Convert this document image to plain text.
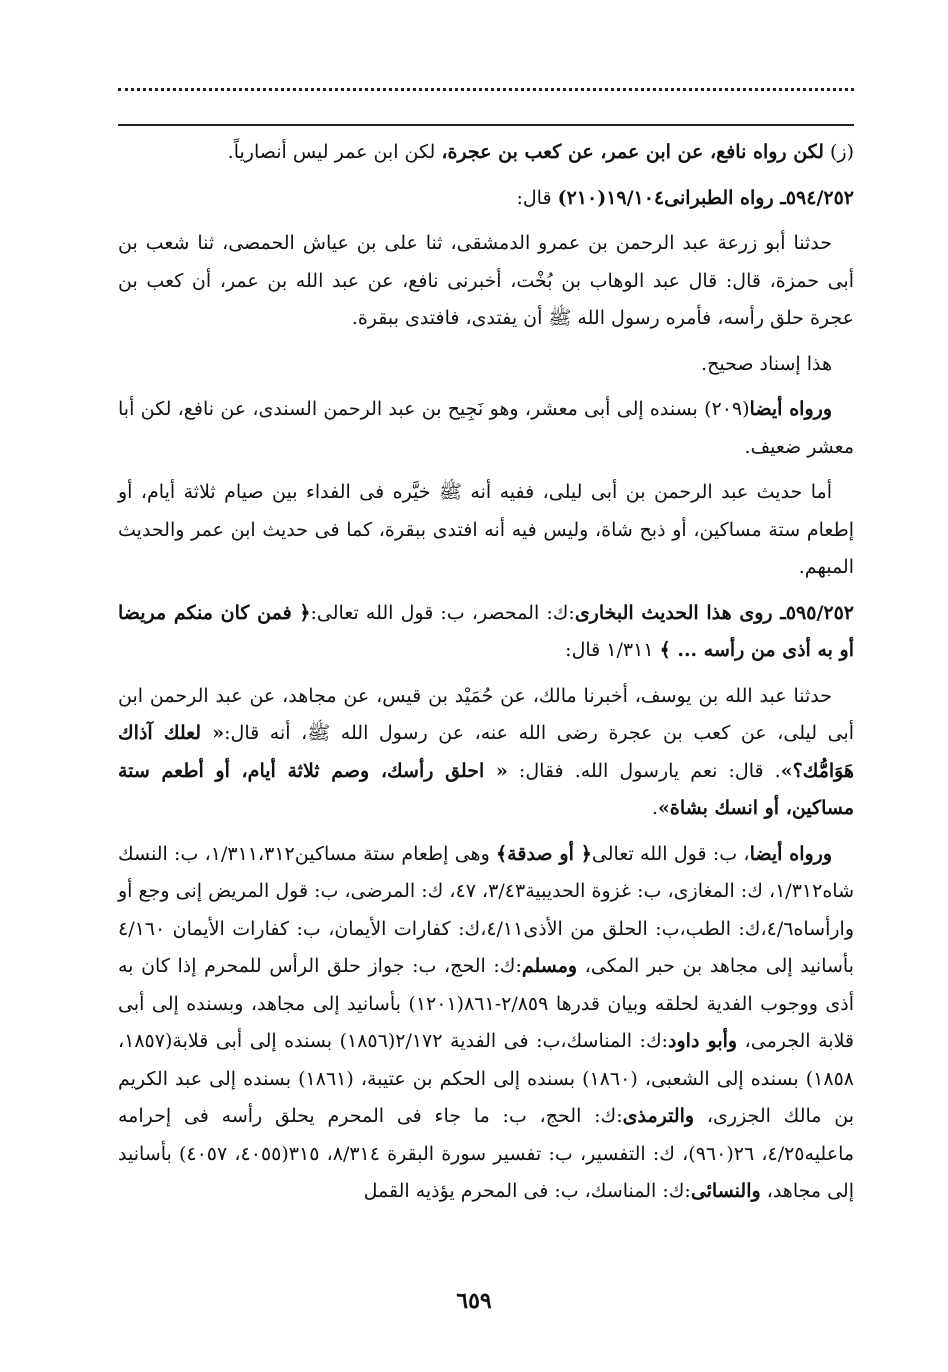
(ز) لكن رواه نافع، عن ابن عمر، عن كعب بن عجرة، لكن ابن عمر ليس أنصارياً.

٥٩٤/٢٥٢ـ رواه الطبرانى١٩/١٠٤(٢١٠) قال:

حدثنا أبو زرعة عبد الرحمن بن عمرو الدمشقى، ثنا على بن عياش الحمصى، ثنا شعب بن أبى حمزة، قال: قال عبد الوهاب بن بُخْت، أخبرنى نافع، عن عبد الله بن عمر، أن كعب بن عجرة حلق رأسه، فأمره رسول الله ﷺ أن يفتدى، فافتدى ببقرة.

هذا إسناد صحيح.

ورواه أيضا(٢٠٩) بسنده إلى أبى معشر، وهو نَجِيح بن عبد الرحمن السندى، عن نافع، لكن أبا معشر ضعيف.

أما حديث عبد الرحمن بن أبى ليلى، ففيه أنه ﷺ خيَّره فى الفداء بين صيام ثلاثة أيام، أو إطعام ستة مساكين، أو ذبح شاة، وليس فيه أنه افتدى ببقرة، كما فى حديث ابن عمر والحديث المبهم.

٥٩٥/٢٥٢ـ روى هذا الحديث البخارى:ك: المحصر، ب: قول الله تعالى:﴿ فمن كان منكم مريضا أو به أذى من رأسه ... ﴾ ١/٣١١ قال:

حدثنا عبد الله بن يوسف، أخبرنا مالك، عن حُمَيْد بن قيس، عن مجاهد، عن عبد الرحمن ابن أبى ليلى، عن كعب بن عجرة رضى الله عنه، عن رسول الله ﷺ، أنه قال:« لعلك آذاك هَوَامُّك؟». قال: نعم يارسول الله. فقال: « احلق رأسك، وصم ثلاثة أيام، أو أطعم ستة مساكين، أو انسك بشاة».

ورواه أيضا، ب: قول الله تعالى﴿ أو صدقة﴾ وهى إطعام ستة مساكين١/٣١١،٣١٢، ب: النسك شاه١/٣١٢، ك: المغازى، ب: غزوة الحديبية٣/٤٣، ٤٧، ك: المرضى، ب: قول المريض إنى وجع أو وارأساه٤/٦،ك: الطب،ب: الحلق من الأذى٤/١١،ك: كفارات الأيمان، ب: كفارات الأيمان ٤/١٦٠ بأسانيد إلى مجاهد بن حبر المكى، ومسلم:ك: الحج، ب: جواز حلق الرأس للمحرم إذا كان به أذى ووجوب الفدية لحلقه وبيان قدرها ٢/٨٥٩-٨٦١(١٢٠١) بأسانيد إلى مجاهد، وبسنده إلى أبى قلابة الجرمى، وأبو داود:ك: المناسك،ب: فى الفدية ٢/١٧٢(١٨٥٦) بسنده إلى أبى قلابة(١٨٥٧، ١٨٥٨) بسنده إلى الشعبى، (١٨٦٠) بسنده إلى الحكم بن عتيبة، (١٨٦١) بسنده إلى عبد الكريم بن مالك الجزرى، والترمذى:ك: الحج، ب: ما جاء فى المحرم يحلق رأسه فى إحرامه ماعليه٤/٢٥، ٢٦(٩٦٠)، ك: التفسير، ب: تفسير سورة البقرة ٨/٣١٤، ٣١٥(٤٠٥٥، ٤٠٥٧) بأسانيد إلى مجاهد، والنسائى:ك: المناسك، ب: فى المحرم يؤذيه القمل

٦٥٩
